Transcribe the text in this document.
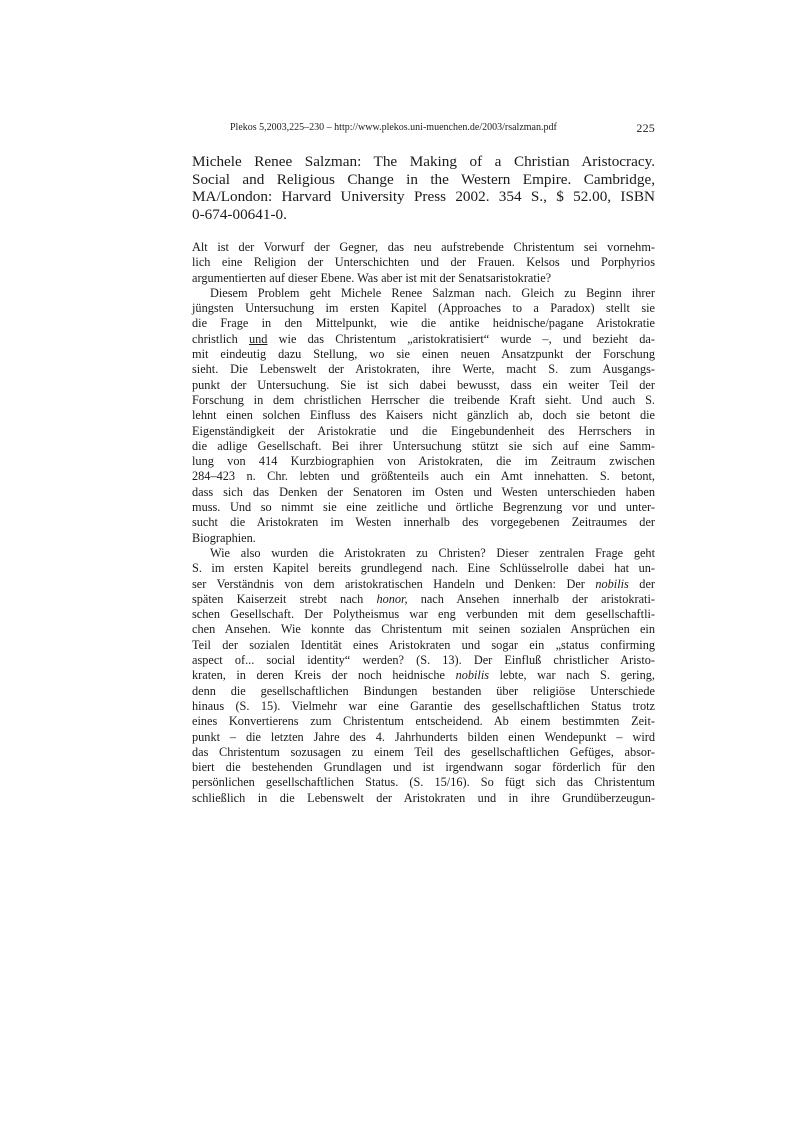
Plekos 5,2003,225–230 – http://www.plekos.uni-muenchen.de/2003/rsalzman.pdf	225
Michele Renee Salzman: The Making of a Christian Aristocracy.
Social and Religious Change in the Western Empire. Cambridge,
MA/London: Harvard University Press 2002. 354 S., $ 52.00, ISBN
0-674-00641-0.
Alt ist der Vorwurf der Gegner, das neu aufstrebende Christentum sei vornehm-
lich eine Religion der Unterschichten und der Frauen. Kelsos und Porphyrios
argumentierten auf dieser Ebene. Was aber ist mit der Senatsaristokratie?
Diesem Problem geht Michele Renee Salzman nach. Gleich zu Beginn ihrer
jüngsten Untersuchung im ersten Kapitel (Approaches to a Paradox) stellt sie
die Frage in den Mittelpunkt, wie die antike heidnische/pagane Aristokratie
christlich und wie das Christentum „aristokratisiert“ wurde –, und bezieht da-
mit eindeutig dazu Stellung, wo sie einen neuen Ansatzpunkt der Forschung
sieht. Die Lebenswelt der Aristokraten, ihre Werte, macht S. zum Ausgangs-
punkt der Untersuchung. Sie ist sich dabei bewusst, dass ein weiter Teil der
Forschung in dem christlichen Herrscher die treibende Kraft sieht. Und auch S.
lehnt einen solchen Einfluss des Kaisers nicht gänzlich ab, doch sie betont die
Eigenständigkeit der Aristokratie und die Eingebundenheit des Herrschers in
die adlige Gesellschaft. Bei ihrer Untersuchung stützt sie sich auf eine Samm-
lung von 414 Kurzbiographien von Aristokraten, die im Zeitraum zwischen
284–423 n. Chr. lebten und größtenteils auch ein Amt innehatten. S. betont,
dass sich das Denken der Senatoren im Osten und Westen unterschieden haben
muss. Und so nimmt sie eine zeitliche und örtliche Begrenzung vor und unter-
sucht die Aristokraten im Westen innerhalb des vorgegebenen Zeitraumes der
Biographien.
Wie also wurden die Aristokraten zu Christen? Dieser zentralen Frage geht
S. im ersten Kapitel bereits grundlegend nach. Eine Schlüsselrolle dabei hat un-
ser Verständnis von dem aristokratischen Handeln und Denken: Der nobilis der
späten Kaiserzeit strebt nach honor, nach Ansehen innerhalb der aristokrati-
schen Gesellschaft. Der Polytheismus war eng verbunden mit dem gesellschaftli-
chen Ansehen. Wie konnte das Christentum mit seinen sozialen Ansprüchen ein
Teil der sozialen Identität eines Aristokraten und sogar ein „status confirming
aspect of... social identity“ werden? (S. 13). Der Einfluß christlicher Aristo-
kraten, in deren Kreis der noch heidnische nobilis lebte, war nach S. gering,
denn die gesellschaftlichen Bindungen bestanden über religiöse Unterschiede
hinaus (S. 15). Vielmehr war eine Garantie des gesellschaftlichen Status trotz
eines Konvertierens zum Christentum entscheidend. Ab einem bestimmten Zeit-
punkt – die letzten Jahre des 4. Jahrhunderts bilden einen Wendepunkt – wird
das Christentum sozusagen zu einem Teil des gesellschaftlichen Gefüges, absor-
biert die bestehenden Grundlagen und ist irgendwann sogar förderlich für den
persönlichen gesellschaftlichen Status. (S. 15/16). So fügt sich das Christentum
schließlich in die Lebenswelt der Aristokraten und in ihre Grundüberzeugun-
